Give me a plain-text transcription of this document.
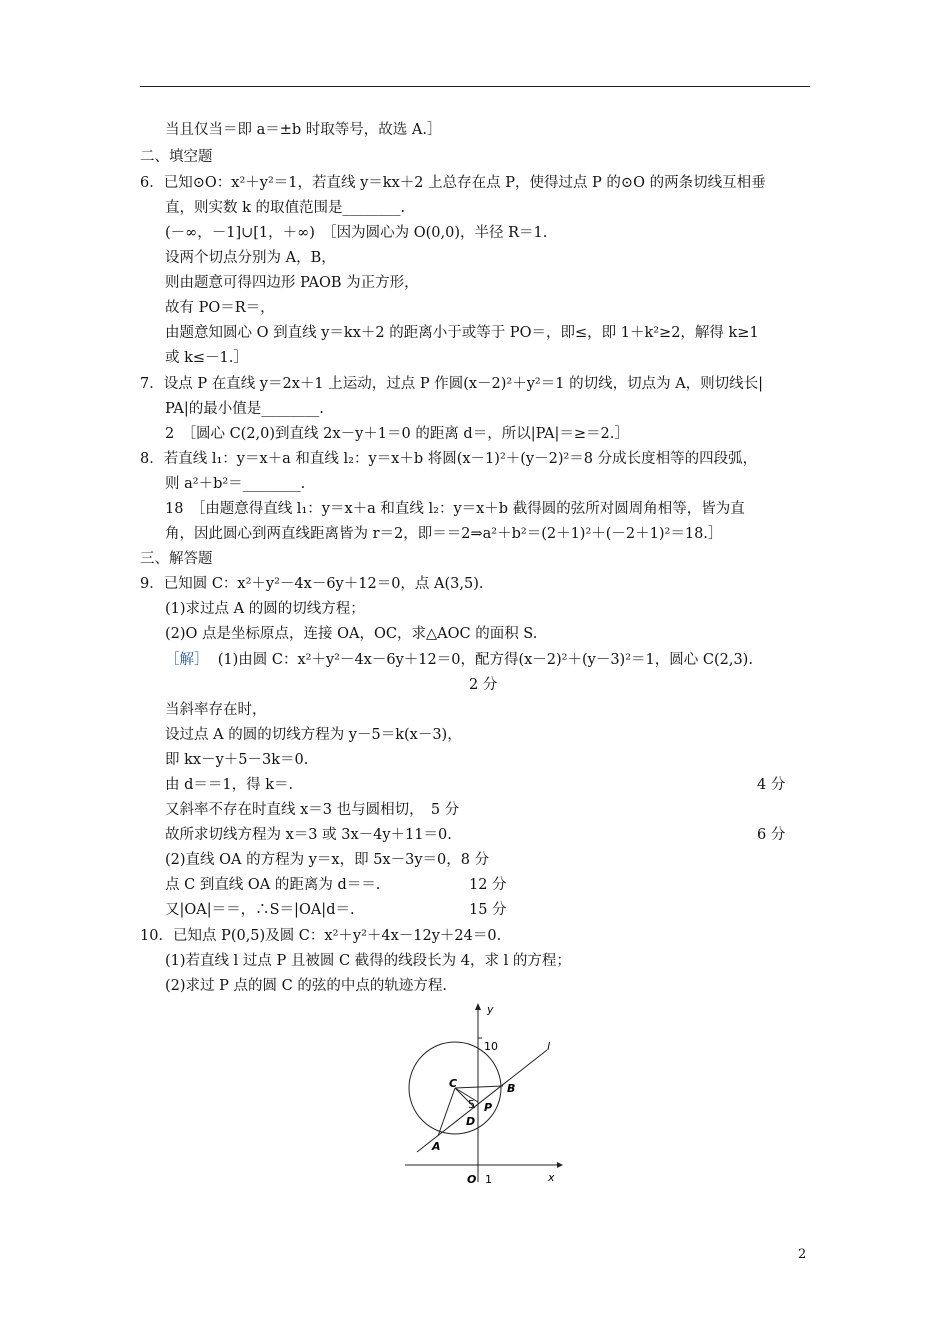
当且仅当＝即 a＝±b 时取等号，故选 A.］
二、填空题
6．已知⊙O：x²＋y²＝1，若直线 y＝kx＋2 上总存在点 P，使得过点 P 的⊙O 的两条切线互相垂
直，则实数 k 的取值范围是________.
(－∞，－1]∪[1，＋∞)　［因为圆心为 O(0,0)，半径 R＝1.
设两个切点分别为 A，B，
则由题意可得四边形 PAOB 为正方形，
故有 PO＝R＝，
由题意知圆心 O 到直线 y＝kx＋2 的距离小于或等于 PO＝，即≤，即 1＋k²≥2，解得 k≥1
或 k≤－1.］
7．设点 P 在直线 y＝2x＋1 上运动，过点 P 作圆(x－2)²＋y²＝1 的切线，切点为 A，则切线长|
PA|的最小值是________.
2　［圆心 C(2,0)到直线 2x－y＋1＝0 的距离 d＝，所以|PA|＝≥＝2.］
8．若直线 l₁：y＝x＋a 和直线 l₂：y＝x＋b 将圆(x－1)²＋(y－2)²＝8 分成长度相等的四段弧，
则 a²＋b²＝________.
18　［由题意得直线 l₁：y＝x＋a 和直线 l₂：y＝x＋b 截得圆的弦所对圆周角相等，皆为直
角，因此圆心到两直线距离皆为 r＝2，即＝＝2⇒a²＋b²＝(2＋1)²＋(－2＋1)²＝18.］
三、解答题
9．已知圆 C：x²＋y²－4x－6y＋12＝0，点 A(3,5).
(1)求过点 A 的圆的切线方程；
(2)O 点是坐标原点，连接 OA，OC，求△AOC 的面积 S.
［解］ (1)由圆 C：x²＋y²－4x－6y＋12＝0，配方得(x－2)²＋(y－3)²＝1，圆心 C(2,3).
2 分
当斜率存在时，
设过点 A 的圆的切线方程为 y－5＝k(x－3)，
即 kx－y＋5－3k＝0.
由 d＝＝1，得 k＝.	4 分
又斜率不存在时直线 x＝3 也与圆相切，　5 分
故所求切线方程为 x＝3 或 3x－4y＋11＝0.	6 分
(2)直线 OA 的方程为 y＝x，即 5x－3y＝0，8 分
点 C 到直线 OA 的距离为 d＝＝.	12 分
又|OA|＝＝，∴S＝|OA|d＝.	15 分
10．已知点 P(0,5)及圆 C：x²＋y²＋4x－12y＋24＝0.
(1)若直线 l 过点 P 且被圆 C 截得的线段长为 4，求 l 的方程；
(2)求过 P 点的圆 C 的弦的中点的轨迹方程.
y
x
O 1
10
5
l
C	B
P
D
A
2
